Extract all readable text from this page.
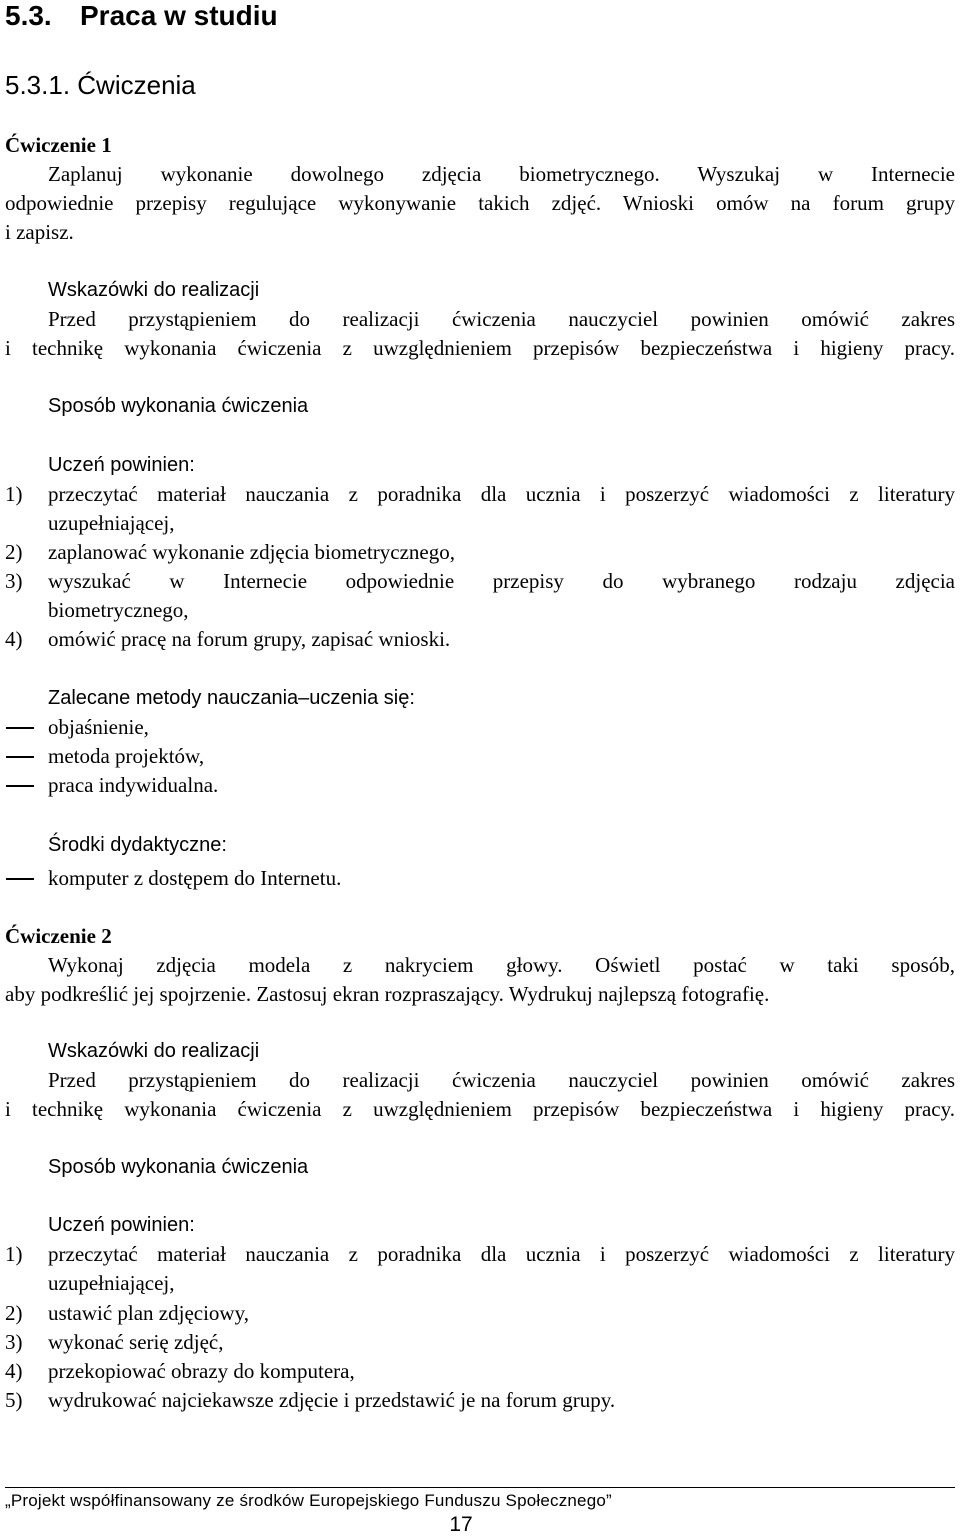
5.3. Praca w studiu
5.3.1. Ćwiczenia
Ćwiczenie 1
Zaplanuj wykonanie dowolnego zdjęcia biometrycznego. Wyszukaj w Internecie
odpowiednie przepisy regulujące wykonywanie takich zdjęć. Wnioski omów na forum grupy
i zapisz.
Wskazówki do realizacji
Przed przystąpieniem do realizacji ćwiczenia nauczyciel powinien omówić zakres
i technikę wykonania ćwiczenia z uwzględnieniem przepisów bezpieczeństwa i higieny pracy.
Sposób wykonania ćwiczenia
Uczeń powinien:
1) przeczytać materiał nauczania z poradnika dla ucznia i poszerzyć wiadomości z literatury
uzupełniającej,
2) zaplanować wykonanie zdjęcia biometrycznego,
3) wyszukać w Internecie odpowiednie przepisy do wybranego rodzaju zdjęcia
biometrycznego,
4) omówić pracę na forum grupy, zapisać wnioski.
Zalecane metody nauczania–uczenia się:
objaśnienie,
metoda projektów,
praca indywidualna.
Środki dydaktyczne:
komputer z dostępem do Internetu.
Ćwiczenie 2
Wykonaj zdjęcia modela z nakryciem głowy. Oświetl postać w taki sposób,
aby podkreślić jej spojrzenie. Zastosuj ekran rozpraszający. Wydrukuj najlepszą fotografię.
Wskazówki do realizacji
Przed przystąpieniem do realizacji ćwiczenia nauczyciel powinien omówić zakres
i technikę wykonania ćwiczenia z uwzględnieniem przepisów bezpieczeństwa i higieny pracy.
Sposób wykonania ćwiczenia
Uczeń powinien:
1) przeczytać materiał nauczania z poradnika dla ucznia i poszerzyć wiadomości z literatury
uzupełniającej,
2) ustawić plan zdjęciowy,
3) wykonać serię zdjęć,
4) przekopiować obrazy do komputera,
5) wydrukować najciekawsze zdjęcie i przedstawić je na forum grupy.
„Projekt współfinansowany ze środków Europejskiego Funduszu Społecznego”
17
